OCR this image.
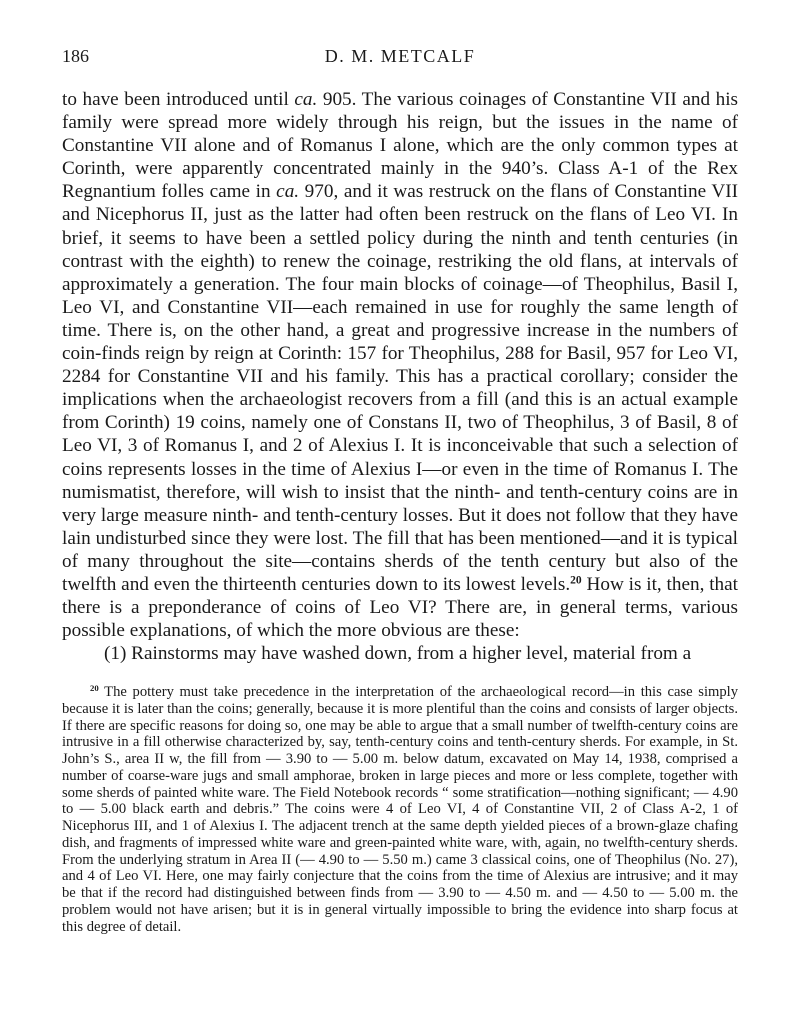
186	D. M. METCALF

to have been introduced until ca. 905. The various coinages of Constantine VII and his family were spread more widely through his reign, but the issues in the name of Constantine VII alone and of Romanus I alone, which are the only common types at Corinth, were apparently concentrated mainly in the 940’s. Class A-1 of the Rex Regnantium folles came in ca. 970, and it was restruck on the flans of Constantine VII and Nicephorus II, just as the latter had often been restruck on the flans of Leo VI. In brief, it seems to have been a settled policy during the ninth and tenth centuries (in contrast with the eighth) to renew the coinage, restriking the old flans, at intervals of approximately a generation. The four main blocks of coinage—of Theophilus, Basil I, Leo VI, and Constantine VII—each remained in use for roughly the same length of time. There is, on the other hand, a great and progressive increase in the numbers of coin-finds reign by reign at Corinth: 157 for Theophilus, 288 for Basil, 957 for Leo VI, 2284 for Constantine VII and his family. This has a practical corollary; consider the implications when the archaeologist recovers from a fill (and this is an actual example from Corinth) 19 coins, namely one of Constans II, two of Theophilus, 3 of Basil, 8 of Leo VI, 3 of Romanus I, and 2 of Alexius I. It is inconceivable that such a selection of coins represents losses in the time of Alexius I—or even in the time of Romanus I. The numismatist, therefore, will wish to insist that the ninth- and tenth-century coins are in very large measure ninth- and tenth-century losses. But it does not follow that they have lain undisturbed since they were lost. The fill that has been mentioned—and it is typical of many throughout the site—contains sherds of the tenth century but also of the twelfth and even the thirteenth centuries down to its lowest levels.$^{20}$ How is it, then, that there is a preponderance of coins of Leo VI? There are, in general terms, various possible explanations, of which the more obvious are these:

(1) Rainstorms may have washed down, from a higher level, material from a

$^{20}$ The pottery must take precedence in the interpretation of the archaeological record—in this case simply because it is later than the coins; generally, because it is more plentiful than the coins and consists of larger objects. If there are specific reasons for doing so, one may be able to argue that a small number of twelfth-century coins are intrusive in a fill otherwise characterized by, say, tenth-century coins and tenth-century sherds. For example, in St. John’s S., area II w, the fill from — 3.90 to — 5.00 m. below datum, excavated on May 14, 1938, comprised a number of coarse-ware jugs and small amphorae, broken in large pieces and more or less complete, together with some sherds of painted white ware. The Field Notebook records “ some stratification—nothing significant; — 4.90 to — 5.00 black earth and debris.” The coins were 4 of Leo VI, 4 of Constantine VII, 2 of Class A-2, 1 of Nicephorus III, and 1 of Alexius I. The adjacent trench at the same depth yielded pieces of a brown-glaze chafing dish, and fragments of impressed white ware and green-painted white ware, with, again, no twelfth-century sherds. From the underlying stratum in Area II (— 4.90 to — 5.50 m.) came 3 classical coins, one of Theophilus (No. 27), and 4 of Leo VI. Here, one may fairly conjecture that the coins from the time of Alexius are intrusive; and it may be that if the record had distinguished between finds from — 3.90 to — 4.50 m. and — 4.50 to — 5.00 m. the problem would not have arisen; but it is in general virtually impossible to bring the evidence into sharp focus at this degree of detail.
